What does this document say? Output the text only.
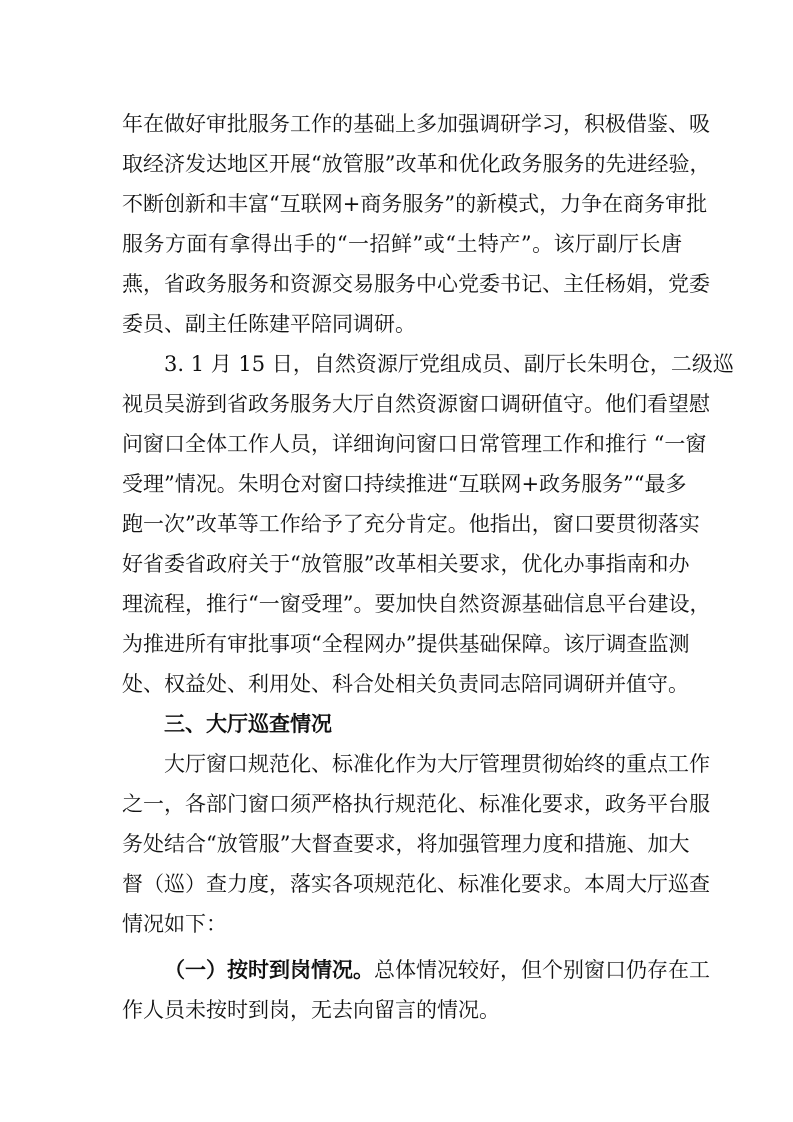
年在做好审批服务工作的基础上多加强调研学习，积极借鉴、吸
取经济发达地区开展“放管服”改革和优化政务服务的先进经验，
不断创新和丰富“互联网+商务服务”的新模式，力争在商务审批
服务方面有拿得出手的“一招鲜”或“土特产”。该厅副厅长唐
燕，省政务服务和资源交易服务中心党委书记、主任杨娟，党委
委员、副主任陈建平陪同调研。
3. 1 月 15 日，自然资源厅党组成员、副厅长朱明仓，二级巡
视员吴游到省政务服务大厅自然资源窗口调研值守。他们看望慰
问窗口全体工作人员，详细询问窗口日常管理工作和推行 “一窗
受理”情况。朱明仓对窗口持续推进“互联网+政务服务”“最多
跑一次”改革等工作给予了充分肯定。他指出，窗口要贯彻落实
好省委省政府关于“放管服”改革相关要求，优化办事指南和办
理流程，推行“一窗受理”。要加快自然资源基础信息平台建设，
为推进所有审批事项“全程网办”提供基础保障。该厅调查监测
处、权益处、利用处、科合处相关负责同志陪同调研并值守。
三、大厅巡查情况
大厅窗口规范化、标准化作为大厅管理贯彻始终的重点工作
之一，各部门窗口须严格执行规范化、标准化要求，政务平台服
务处结合“放管服”大督查要求，将加强管理力度和措施、加大
督（巡）查力度，落实各项规范化、标准化要求。本周大厅巡查
情况如下：
（一）按时到岗情况。总体情况较好，但个别窗口仍存在工
作人员未按时到岗，无去向留言的情况。
